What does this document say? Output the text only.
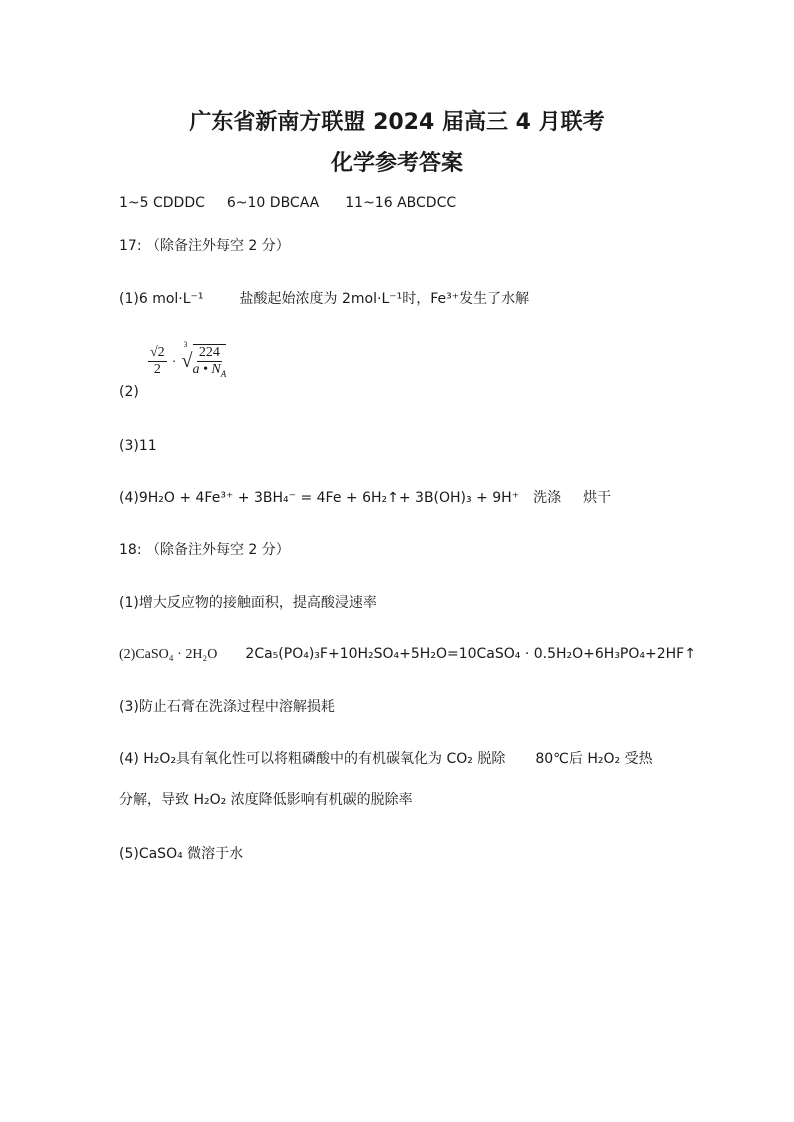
广东省新南方联盟 2024 届高三 4 月联考
化学参考答案
1~5 CDDDC 6~10 DBCAA 11~16 ABCDCC
17: （除备注外每空 2 分）
(1)6 mol·L⁻¹	盐酸起始浓度为 2mol·L⁻¹时，Fe³⁺发生了水解
$\frac{√2}{2}$ ·
3
√ $\frac{224}{a • N_A}$
(2)
(3)11
(4)9H₂O + 4Fe³⁺ + 3BH₄⁻ = 4Fe + 6H₂↑+ 3B(OH)₃ + 9H⁺ 洗涤 烘干
18: （除备注外每空 2 分）
(1)增大反应物的接触面积，提高酸浸速率
(2)CaSO₄ · 2H₂O 2Ca₅(PO₄)₃F+10H₂SO₄+5H₂O=10CaSO₄ · 0.5H₂O+6H₃PO₄+2HF↑
(3)防止石膏在洗涤过程中溶解损耗
(4) H₂O₂具有氧化性可以将粗磷酸中的有机碳氧化为 CO₂ 脱除 80℃后 H₂O₂ 受热
分解，导致 H₂O₂ 浓度降低影响有机碳的脱除率
(5)CaSO₄ 微溶于水
